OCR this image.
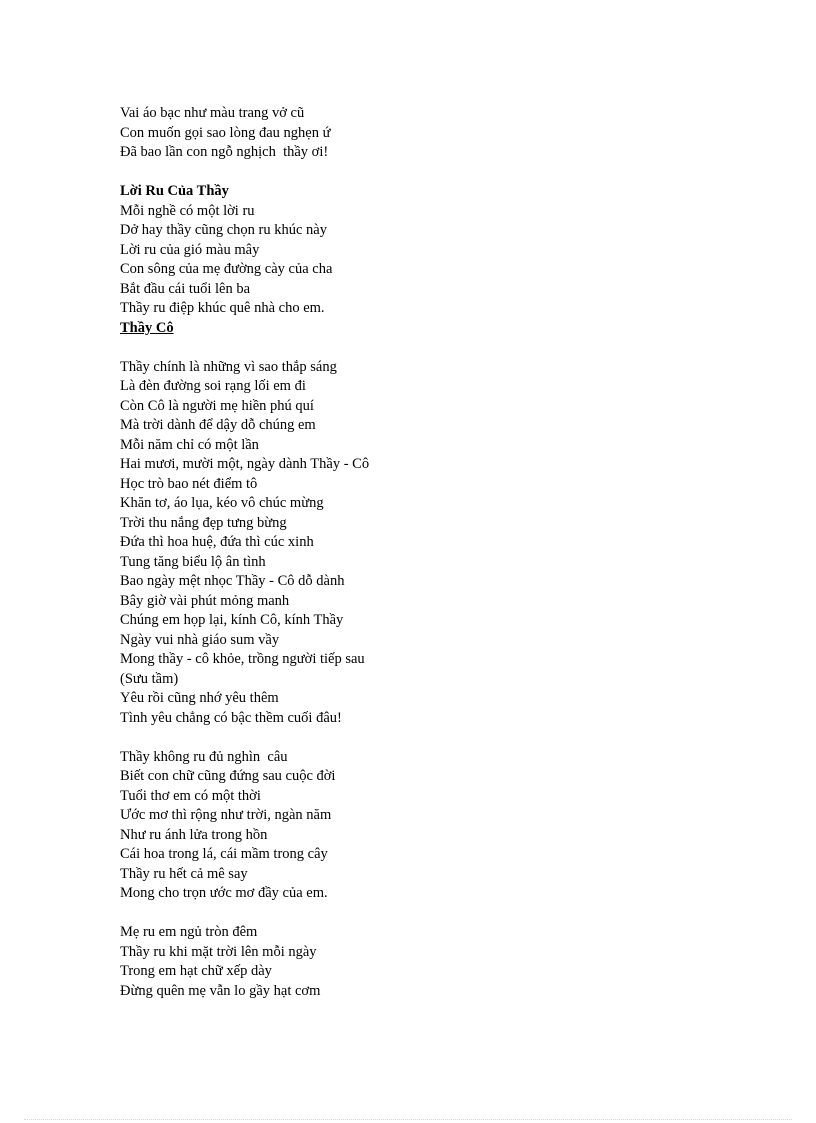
Vai áo bạc như màu trang vở cũ
Con muốn gọi sao lòng đau nghẹn ứ
Đã bao lần con ngỗ nghịch  thầy ơi!
Lời Ru Của Thầy
Mỗi nghề có một lời ru
Dở hay thầy cũng chọn ru khúc này
Lời ru của gió màu mây
Con sông của mẹ đường cày của cha
Bắt đầu cái tuổi lên ba
Thầy ru điệp khúc quê nhà cho em.
Thầy Cô
Thầy chính là những vì sao thắp sáng
Là đèn đường soi rạng lối em đi
Còn Cô là người mẹ hiền phú quí
Mà trời dành để dậy dỗ chúng em
Mỗi năm chỉ có một lần
Hai mươi, mười một, ngày dành Thầy - Cô
Học trò bao nét điểm tô
Khăn tơ, áo lụa, kéo vô chúc mừng
Trời thu nắng đẹp tưng bừng
Đứa thì hoa huệ, đứa thì cúc xinh
Tung tăng biểu lộ ân tình
Bao ngày mệt nhọc Thầy - Cô dỗ dành
Bây giờ vài phút mỏng manh
Chúng em họp lại, kính Cô, kính Thầy
Ngày vui nhà giáo sum vầy
Mong thầy - cô khỏe, trồng người tiếp sau
(Sưu tầm)
Yêu rồi cũng nhớ yêu thêm
Tình yêu chẳng có bậc thềm cuối đâu!
Thầy không ru đủ nghìn  câu
Biết con chữ cũng đứng sau cuộc đời
Tuổi thơ em có một thời
Ước mơ thì rộng như trời, ngàn năm
Như ru ánh lửa trong hồn
Cái hoa trong lá, cái mầm trong cây
Thầy ru hết cả mê say
Mong cho trọn ước mơ đầy của em.
Mẹ ru em ngủ tròn đêm
Thầy ru khi mặt trời lên mỗi ngày
Trong em hạt chữ xếp dày
Đừng quên mẹ vẫn lo gầy hạt cơm
